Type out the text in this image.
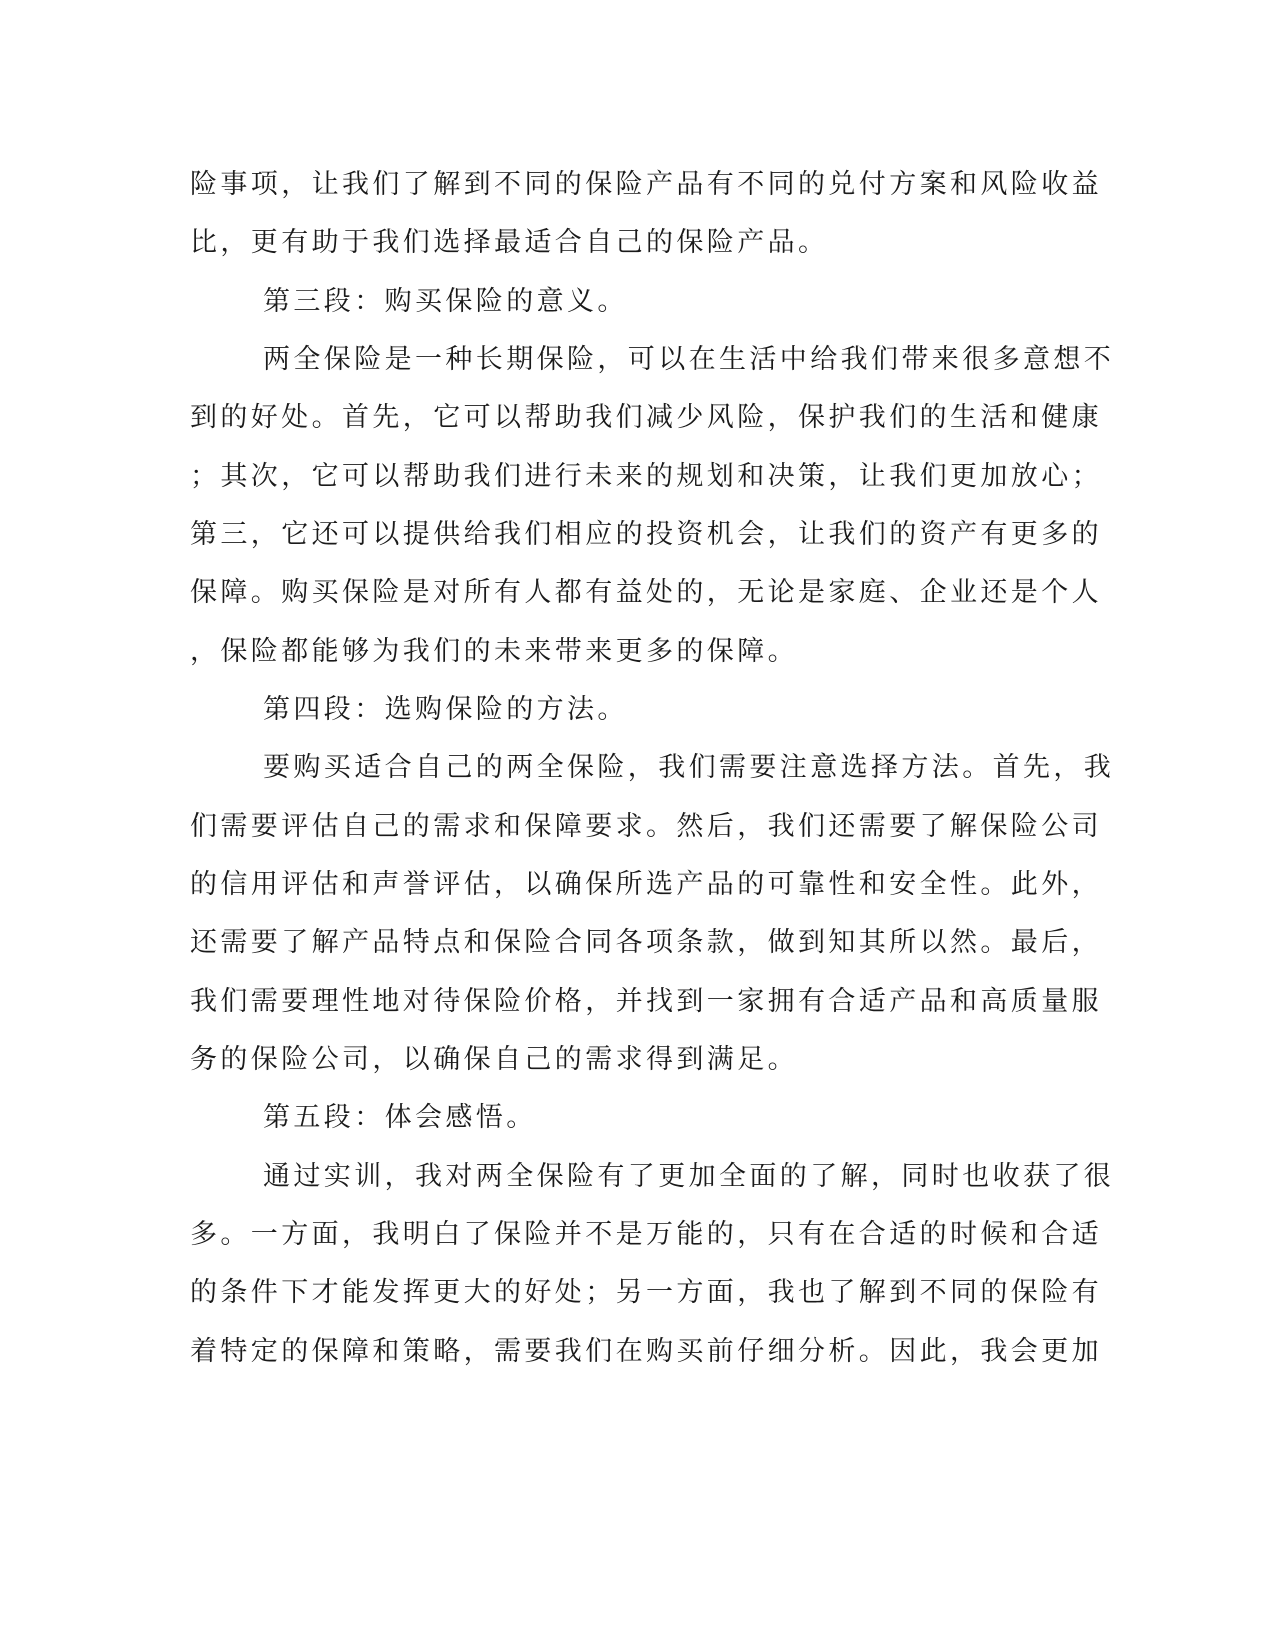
险事项，让我们了解到不同的保险产品有不同的兑付方案和风险收益
比，更有助于我们选择最适合自己的保险产品。
第三段：购买保险的意义。
两全保险是一种长期保险，可以在生活中给我们带来很多意想不
到的好处。首先，它可以帮助我们减少风险，保护我们的生活和健康
；其次，它可以帮助我们进行未来的规划和决策，让我们更加放心；
第三，它还可以提供给我们相应的投资机会，让我们的资产有更多的
保障。购买保险是对所有人都有益处的，无论是家庭、企业还是个人
，保险都能够为我们的未来带来更多的保障。
第四段：选购保险的方法。
要购买适合自己的两全保险，我们需要注意选择方法。首先，我
们需要评估自己的需求和保障要求。然后，我们还需要了解保险公司
的信用评估和声誉评估，以确保所选产品的可靠性和安全性。此外，
还需要了解产品特点和保险合同各项条款，做到知其所以然。最后，
我们需要理性地对待保险价格，并找到一家拥有合适产品和高质量服
务的保险公司，以确保自己的需求得到满足。
第五段：体会感悟。
通过实训，我对两全保险有了更加全面的了解，同时也收获了很
多。一方面，我明白了保险并不是万能的，只有在合适的时候和合适
的条件下才能发挥更大的好处；另一方面，我也了解到不同的保险有
着特定的保障和策略，需要我们在购买前仔细分析。因此，我会更加
